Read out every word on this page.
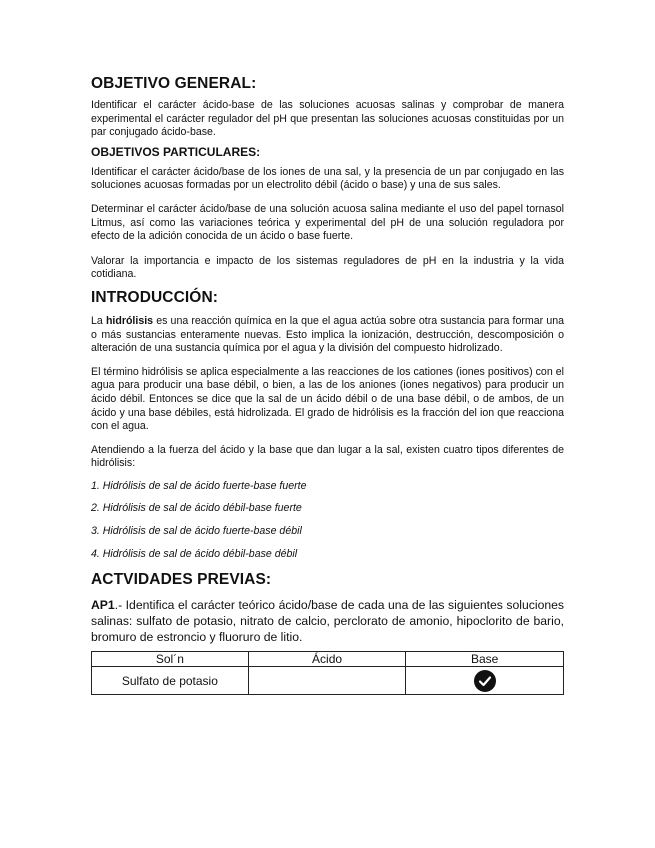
OBJETIVO GENERAL:

Identificar el carácter ácido-base de las soluciones acuosas salinas y comprobar de manera experimental el carácter regulador del pH que presentan las soluciones acuosas constituidas por un par conjugado ácido-base.

OBJETIVOS PARTICULARES:

Identificar el carácter ácido/base de los iones de una sal, y la presencia de un par conjugado en las soluciones acuosas formadas por un electrolito débil (ácido o base) y una de sus sales.

Determinar el carácter ácido/base de una solución acuosa salina mediante el uso del papel tornasol Litmus, así como las variaciones teórica y experimental del pH de una solución reguladora por efecto de la adición conocida de un ácido o base fuerte.

Valorar la importancia e impacto de los sistemas reguladores de pH en la industria y la vida cotidiana.

INTRODUCCIÓN:

La hidrólisis es una reacción química en la que el agua actúa sobre otra sustancia para formar una o más sustancias enteramente nuevas. Esto implica la ionización, destrucción, descomposición o alteración de una sustancia química por el agua y la división del compuesto hidrolizado.

El término hidrólisis se aplica especialmente a las reacciones de los cationes (iones positivos) con el agua para producir una base débil, o bien, a las de los aniones (iones negativos) para producir un ácido débil. Entonces se dice que la sal de un ácido débil o de una base débil, o de ambos, de un ácido y una base débiles, está hidrolizada. El grado de hidrólisis es la fracción del ion que reacciona con el agua.

Atendiendo a la fuerza del ácido y la base que dan lugar a la sal, existen cuatro tipos diferentes de hidrólisis:

1. Hidrólisis de sal de ácido fuerte-base fuerte

2. Hidrólisis de sal de ácido débil-base fuerte

3. Hidrólisis de sal de ácido fuerte-base débil

4. Hidrólisis de sal de ácido débil-base débil

ACTVIDADES PREVIAS:

AP1.- Identifica el carácter teórico ácido/base de cada una de las siguientes soluciones salinas: sulfato de potasio, nitrato de calcio, perclorato de amonio, hipoclorito de bario, bromuro de estroncio y fluoruro de litio.

Sol´n	Ácido	Base
Sulfato de potasio		
